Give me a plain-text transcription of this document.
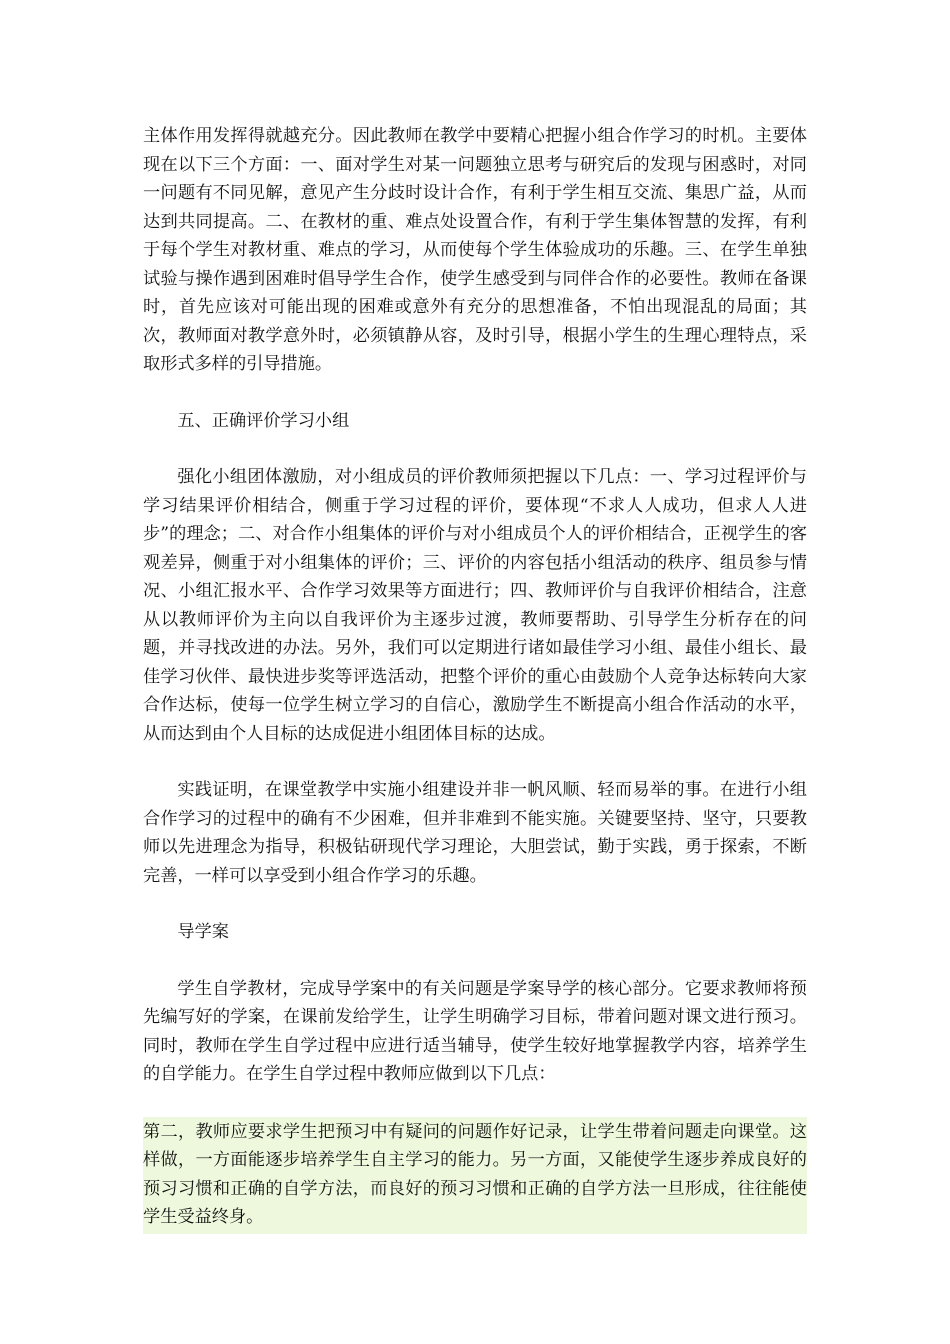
主体作用发挥得就越充分。因此教师在教学中要精心把握小组合作学习的时机。主要体现在以下三个方面：一、面对学生对某一问题独立思考与研究后的发现与困惑时，对同一问题有不同见解，意见产生分歧时设计合作，有利于学生相互交流、集思广益，从而达到共同提高。二、在教材的重、难点处设置合作，有利于学生集体智慧的发挥，有利于每个学生对教材重、难点的学习，从而使每个学生体验成功的乐趣。三、在学生单独试验与操作遇到困难时倡导学生合作，使学生感受到与同伴合作的必要性。教师在备课时，首先应该对可能出现的困难或意外有充分的思想准备，不怕出现混乱的局面；其次，教师面对教学意外时，必须镇静从容，及时引导，根据小学生的生理心理特点，采取形式多样的引导措施。

五、正确评价学习小组

强化小组团体激励，对小组成员的评价教师须把握以下几点：一、学习过程评价与学习结果评价相结合，侧重于学习过程的评价，要体现“不求人人成功，但求人人进步”的理念；二、对合作小组集体的评价与对小组成员个人的评价相结合，正视学生的客观差异，侧重于对小组集体的评价；三、评价的内容包括小组活动的秩序、组员参与情况、小组汇报水平、合作学习效果等方面进行；四、教师评价与自我评价相结合，注意从以教师评价为主向以自我评价为主逐步过渡，教师要帮助、引导学生分析存在的问题，并寻找改进的办法。另外，我们可以定期进行诸如最佳学习小组、最佳小组长、最佳学习伙伴、最快进步奖等评选活动，把整个评价的重心由鼓励个人竞争达标转向大家合作达标，使每一位学生树立学习的自信心，激励学生不断提高小组合作活动的水平，从而达到由个人目标的达成促进小组团体目标的达成。

实践证明，在课堂教学中实施小组建设并非一帆风顺、轻而易举的事。在进行小组合作学习的过程中的确有不少困难，但并非难到不能实施。关键要坚持、坚守，只要教师以先进理念为指导，积极钻研现代学习理论，大胆尝试，勤于实践，勇于探索，不断完善，一样可以享受到小组合作学习的乐趣。

导学案

学生自学教材，完成导学案中的有关问题是学案导学的核心部分。它要求教师将预先编写好的学案，在课前发给学生，让学生明确学习目标，带着问题对课文进行预习。同时，教师在学生自学过程中应进行适当辅导，使学生较好地掌握教学内容，培养学生的自学能力。在学生自学过程中教师应做到以下几点：

第二，教师应要求学生把预习中有疑问的问题作好记录，让学生带着问题走向课堂。这样做，一方面能逐步培养学生自主学习的能力。另一方面，又能使学生逐步养成良好的预习习惯和正确的自学方法，而良好的预习习惯和正确的自学方法一旦形成，往往能使学生受益终身。
